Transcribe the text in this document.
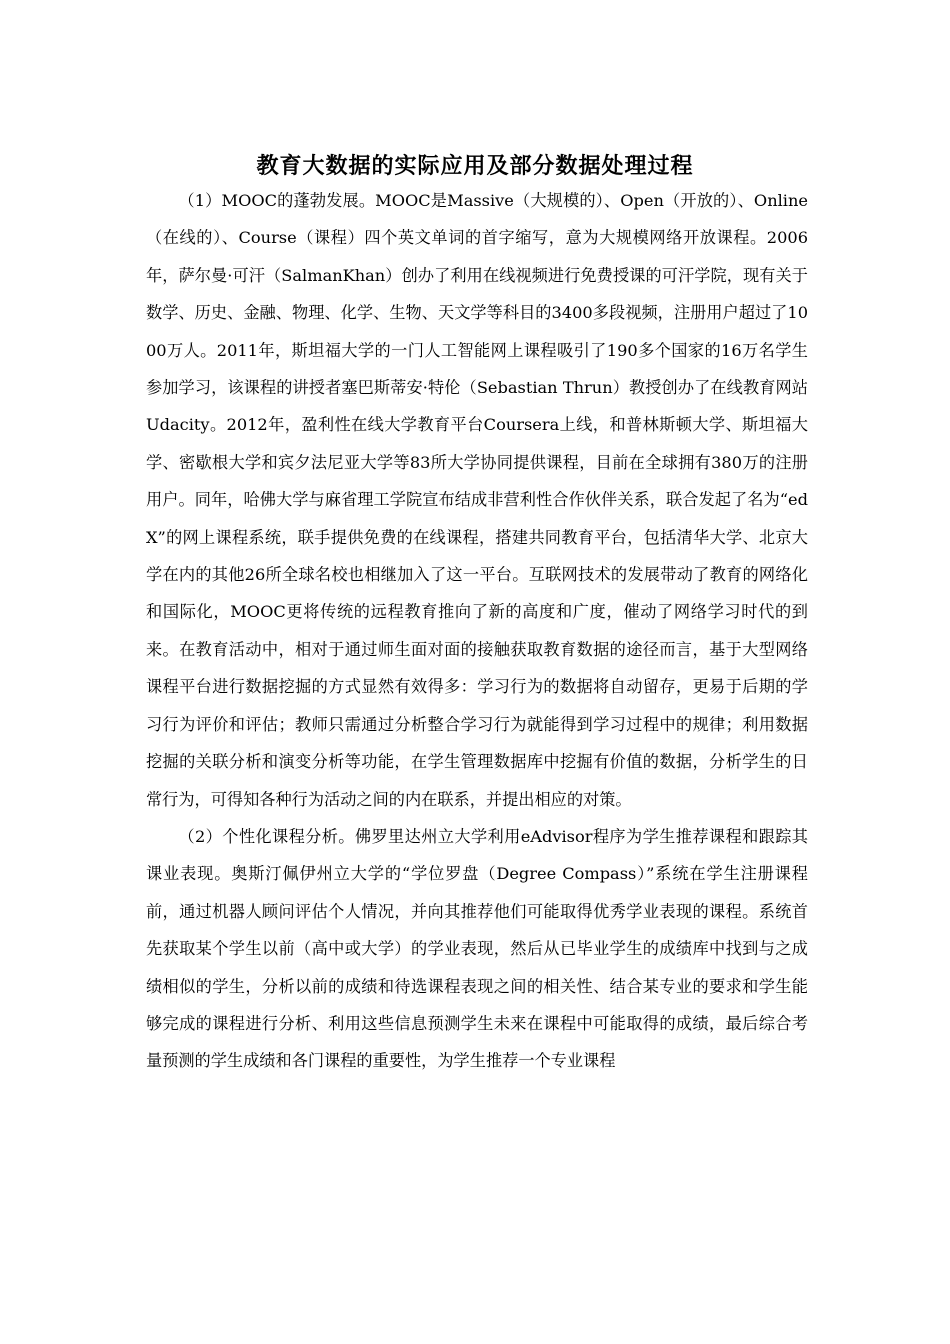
教育大数据的实际应用及部分数据处理过程

（1）MOOC的蓬勃发展。MOOC是Massive（大规模的）、Open（开放的）、Online（在线的）、Course（课程）四个英文单词的首字缩写，意为大规模网络开放课程。2006年，萨尔曼·可汗（SalmanKhan）创办了利用在线视频进行免费授课的可汗学院，现有关于数学、历史、金融、物理、化学、生物、天文学等科目的3400多段视频，注册用户超过了1000万人。2011年，斯坦福大学的一门人工智能网上课程吸引了190多个国家的16万名学生参加学习，该课程的讲授者塞巴斯蒂安·特伦（Sebastian Thrun）教授创办了在线教育网站Udacity。2012年，盈利性在线大学教育平台Coursera上线，和普林斯顿大学、斯坦福大学、密歇根大学和宾夕法尼亚大学等83所大学协同提供课程，目前在全球拥有380万的注册用户。同年，哈佛大学与麻省理工学院宣布结成非营利性合作伙伴关系，联合发起了名为“edX”的网上课程系统，联手提供免费的在线课程，搭建共同教育平台，包括清华大学、北京大学在内的其他26所全球名校也相继加入了这一平台。互联网技术的发展带动了教育的网络化和国际化，MOOC更将传统的远程教育推向了新的高度和广度，催动了网络学习时代的到来。在教育活动中，相对于通过师生面对面的接触获取教育数据的途径而言，基于大型网络课程平台进行数据挖掘的方式显然有效得多：学习行为的数据将自动留存，更易于后期的学习行为评价和评估；教师只需通过分析整合学习行为就能得到学习过程中的规律；利用数据挖掘的关联分析和演变分析等功能，在学生管理数据库中挖掘有价值的数据，分析学生的日常行为，可得知各种行为活动之间的内在联系，并提出相应的对策。

（2）个性化课程分析。佛罗里达州立大学利用eAdvisor程序为学生推荐课程和跟踪其课业表现。奥斯汀佩伊州立大学的“学位罗盘（Degree Compass）”系统在学生注册课程前，通过机器人顾问评估个人情况，并向其推荐他们可能取得优秀学业表现的课程。系统首先获取某个学生以前（高中或大学）的学业表现，然后从已毕业学生的成绩库中找到与之成绩相似的学生，分析以前的成绩和待选课程表现之间的相关性、结合某专业的要求和学生能够完成的课程进行分析、利用这些信息预测学生未来在课程中可能取得的成绩，最后综合考量预测的学生成绩和各门课程的重要性，为学生推荐一个专业课程
